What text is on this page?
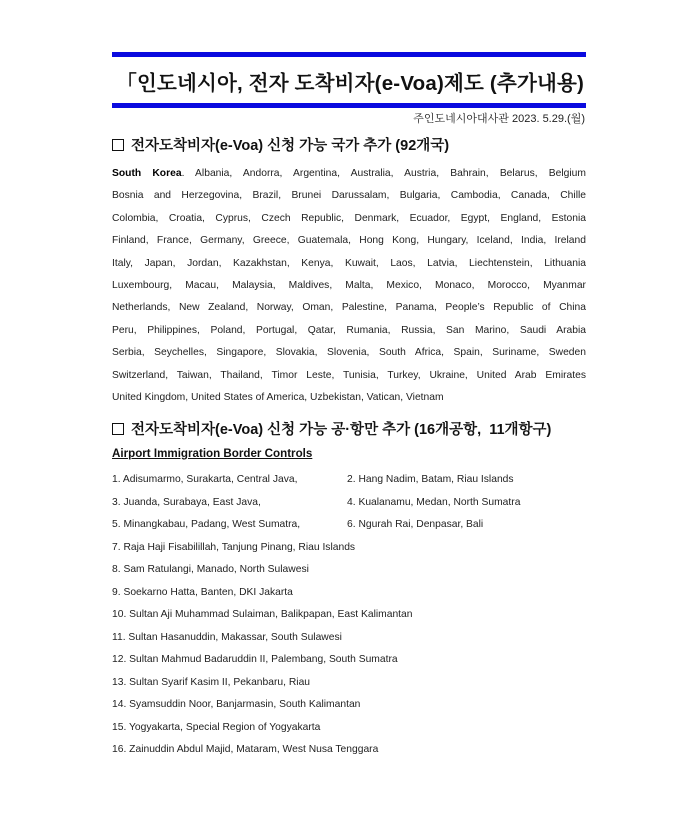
「인도네시아, 전자 도착비자(e-Voa)제도 (추가내용)
주인도네시아대사관 2023. 5.29.(월)
전자도착비자(e-Voa) 신청 가능 국가 추가 (92개국)
South Korea. Albania, Andorra, Argentina, Australia, Austria, Bahrain, Belarus, Belgium
Bosnia and Herzegovina, Brazil, Brunei Darussalam, Bulgaria, Cambodia, Canada, Chille
Colombia, Croatia, Cyprus, Czech Republic, Denmark, Ecuador, Egypt, England, Estonia
Finland, France, Germany, Greece, Guatemala, Hong Kong, Hungary, Iceland, India, Ireland
Italy, Japan, Jordan, Kazakhstan, Kenya, Kuwait, Laos, Latvia, Liechtenstein, Lithuania
Luxembourg, Macau, Malaysia, Maldives, Malta, Mexico, Monaco, Morocco, Myanmar
Netherlands, New Zealand, Norway, Oman, Palestine, Panama, People’s Republic of China
Peru, Philippines, Poland, Portugal, Qatar, Rumania, Russia, San Marino, Saudi Arabia
Serbia, Seychelles, Singapore, Slovakia, Slovenia, South Africa, Spain, Suriname, Sweden
Switzerland, Taiwan, Thailand, Timor Leste, Tunisia, Turkey, Ukraine, United Arab Emirates
United Kingdom, United States of America, Uzbekistan, Vatican, Vietnam
전자도착비자(e-Voa) 신청 가능 공·항만 추가 (16개공항,  11개항구)
Airport Immigration Border Controls
1. Adisumarmo, Surakarta, Central Java,	2. Hang Nadim, Batam, Riau Islands
3. Juanda, Surabaya, East Java,	4. Kualanamu, Medan, North Sumatra
5. Minangkabau, Padang, West Sumatra,	6. Ngurah Rai, Denpasar, Bali
7. Raja Haji Fisabilillah, Tanjung Pinang, Riau Islands
8. Sam Ratulangi, Manado, North Sulawesi
9. Soekarno Hatta, Banten, DKI Jakarta
10. Sultan Aji Muhammad Sulaiman, Balikpapan, East Kalimantan
11. Sultan Hasanuddin, Makassar, South Sulawesi
12. Sultan Mahmud Badaruddin II, Palembang, South Sumatra
13. Sultan Syarif Kasim II, Pekanbaru, Riau
14. Syamsuddin Noor, Banjarmasin, South Kalimantan
15. Yogyakarta, Special Region of Yogyakarta
16. Zainuddin Abdul Majid, Mataram, West Nusa Tenggara
